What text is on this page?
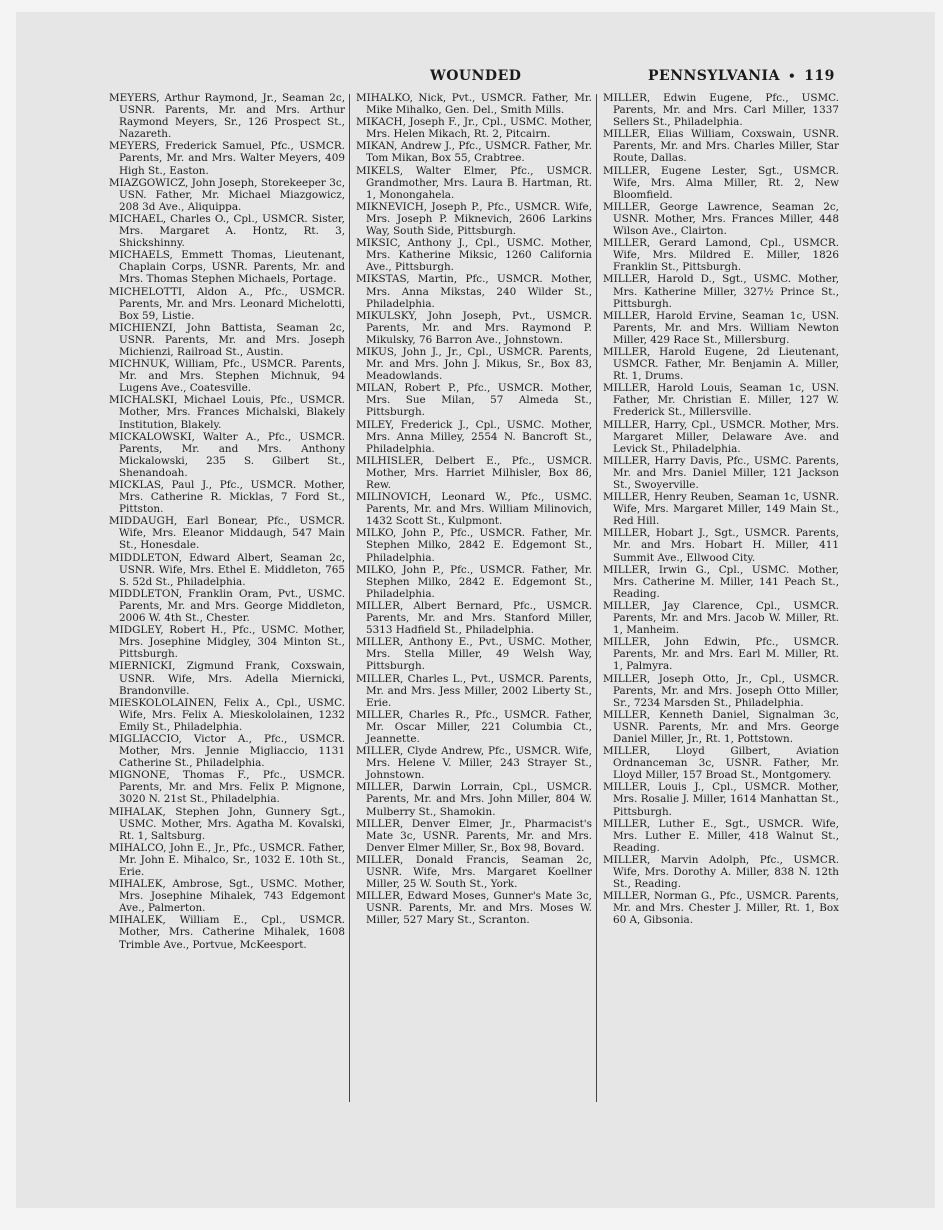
WOUNDED	PENNSYLVANIA • 119

MEYERS, Arthur Raymond, Jr., Seaman 2c, USNR. Parents, Mr. and Mrs. Arthur Raymond Meyers, Sr., 126 Prospect St., Nazareth.

MEYERS, Frederick Samuel, Pfc., USMCR. Parents, Mr. and Mrs. Walter Meyers, 409 High St., Easton.

MIAZGOWICZ, John Joseph, Storekeeper 3c, USN. Father, Mr. Michael Miazgowicz, 208 3d Ave., Aliquippa.

MICHAEL, Charles O., Cpl., USMCR. Sister, Mrs. Margaret A. Hontz, Rt. 3, Shickshinny.

MICHAELS, Emmett Thomas, Lieutenant, Chaplain Corps, USNR. Parents, Mr. and Mrs. Thomas Stephen Michaels, Portage.

MICHELOTTI, Aldon A., Pfc., USMCR. Parents, Mr. and Mrs. Leonard Michelotti, Box 59, Listie.

MICHIENZI, John Battista, Seaman 2c, USNR. Parents, Mr. and Mrs. Joseph Michienzi, Railroad St., Austin.

MICHNUK, William, Pfc., USMCR. Parents, Mr. and Mrs. Stephen Michnuk, 94 Lugens Ave., Coatesville.

MICHALSKI, Michael Louis, Pfc., USMCR. Mother, Mrs. Frances Michalski, Blakely Institution, Blakely.

MICKALOWSKI, Walter A., Pfc., USMCR. Parents, Mr. and Mrs. Anthony Mickalowski, 235 S. Gilbert St., Shenandoah.

MICKLAS, Paul J., Pfc., USMCR. Mother, Mrs. Catherine R. Micklas, 7 Ford St., Pittston.

MIDDAUGH, Earl Bonear, Pfc., USMCR. Wife, Mrs. Eleanor Middaugh, 547 Main St., Honesdale.

MIDDLETON, Edward Albert, Seaman 2c, USNR. Wife, Mrs. Ethel E. Middleton, 765 S. 52d St., Philadelphia.

MIDDLETON, Franklin Oram, Pvt., USMC. Parents, Mr. and Mrs. George Middleton, 2006 W. 4th St., Chester.

MIDGLEY, Robert H., Pfc., USMC. Mother, Mrs. Josephine Midgley, 304 Minton St., Pittsburgh.

MIERNICKI, Zigmund Frank, Coxswain, USNR. Wife, Mrs. Adella Miernicki, Brandonville.

MIESKOLOLAINEN, Felix A., Cpl., USMC. Wife, Mrs. Felix A. Mieskololainen, 1232 Emily St., Philadelphia.

MIGLIACCIO, Victor A., Pfc., USMCR. Mother, Mrs. Jennie Migliaccio, 1131 Catherine St., Philadelphia.

MIGNONE, Thomas F., Pfc., USMCR. Parents, Mr. and Mrs. Felix P. Mignone, 3020 N. 21st St., Philadelphia.

MIHALAK, Stephen John, Gunnery Sgt., USMC. Mother, Mrs. Agatha M. Kovalski, Rt. 1, Saltsburg.

MIHALCO, John E., Jr., Pfc., USMCR. Father, Mr. John E. Mihalco, Sr., 1032 E. 10th St., Erie.

MIHALEK, Ambrose, Sgt., USMC. Mother, Mrs. Josephine Mihalek, 743 Edgemont Ave., Palmerton.

MIHALEK, William E., Cpl., USMCR. Mother, Mrs. Catherine Mihalek, 1608 Trimble Ave., Portvue, McKeesport.

MIHALKO, Nick, Pvt., USMCR. Father, Mr. Mike Mihalko, Gen. Del., Smith Mills.

MIKACH, Joseph F., Jr., Cpl., USMC. Mother, Mrs. Helen Mikach, Rt. 2, Pitcairn.

MIKAN, Andrew J., Pfc., USMCR. Father, Mr. Tom Mikan, Box 55, Crabtree.

MIKELS, Walter Elmer, Pfc., USMCR. Grandmother, Mrs. Laura B. Hartman, Rt. 1, Monongahela.

MIKNEVICH, Joseph P., Pfc., USMCR. Wife, Mrs. Joseph P. Miknevich, 2606 Larkins Way, South Side, Pittsburgh.

MIKSIC, Anthony J., Cpl., USMC. Mother, Mrs. Katherine Miksic, 1260 California Ave., Pittsburgh.

MIKSTAS, Martin, Pfc., USMCR. Mother, Mrs. Anna Mikstas, 240 Wilder St., Philadelphia.

MIKULSKY, John Joseph, Pvt., USMCR. Parents, Mr. and Mrs. Raymond P. Mikulsky, 76 Barron Ave., Johnstown.

MIKUS, John J., Jr., Cpl., USMCR. Parents, Mr. and Mrs. John J. Mikus, Sr., Box 83, Meadowlands.

MILAN, Robert P., Pfc., USMCR. Mother, Mrs. Sue Milan, 57 Almeda St., Pittsburgh.

MILEY, Frederick J., Cpl., USMC. Mother, Mrs. Anna Milley, 2554 N. Bancroft St., Philadelphia.

MILHISLER, Delbert E., Pfc., USMCR. Mother, Mrs. Harriet Milhisler, Box 86, Rew.

MILINOVICH, Leonard W., Pfc., USMC. Parents, Mr. and Mrs. William Milinovich, 1432 Scott St., Kulpmont.

MILKO, John P., Pfc., USMCR. Father, Mr. Stephen Milko, 2842 E. Edgemont St., Philadelphia.

MILKO, John P., Pfc., USMCR. Father, Mr. Stephen Milko, 2842 E. Edgemont St., Philadelphia.

MILLER, Albert Bernard, Pfc., USMCR. Parents, Mr. and Mrs. Stanford Miller, 5313 Hadfield St., Philadelphia.

MILLER, Anthony E., Pvt., USMC. Mother, Mrs. Stella Miller, 49 Welsh Way, Pittsburgh.

MILLER, Charles L., Pvt., USMCR. Parents, Mr. and Mrs. Jess Miller, 2002 Liberty St., Erie.

MILLER, Charles R., Pfc., USMCR. Father, Mr. Oscar Miller, 221 Columbia Ct., Jeannette.

MILLER, Clyde Andrew, Pfc., USMCR. Wife, Mrs. Helene V. Miller, 243 Strayer St., Johnstown.

MILLER, Darwin Lorrain, Cpl., USMCR. Parents, Mr. and Mrs. John Miller, 804 W. Mulberry St., Shamokin.

MILLER, Denver Elmer, Jr., Pharmacist's Mate 3c, USNR. Parents, Mr. and Mrs. Denver Elmer Miller, Sr., Box 98, Bovard.

MILLER, Donald Francis, Seaman 2c, USNR. Wife, Mrs. Margaret Koellner Miller, 25 W. South St., York.

MILLER, Edward Moses, Gunner's Mate 3c, USNR. Parents, Mr. and Mrs. Moses W. Miller, 527 Mary St., Scranton.

MILLER, Edwin Eugene, Pfc., USMC. Parents, Mr. and Mrs. Carl Miller, 1337 Sellers St., Philadelphia.

MILLER, Elias William, Coxswain, USNR. Parents, Mr. and Mrs. Charles Miller, Star Route, Dallas.

MILLER, Eugene Lester, Sgt., USMCR. Wife, Mrs. Alma Miller, Rt. 2, New Bloomfield.

MILLER, George Lawrence, Seaman 2c, USNR. Mother, Mrs. Frances Miller, 448 Wilson Ave., Clairton.

MILLER, Gerard Lamond, Cpl., USMCR. Wife, Mrs. Mildred E. Miller, 1826 Franklin St., Pittsburgh.

MILLER, Harold D., Sgt., USMC. Mother, Mrs. Katherine Miller, 327½ Prince St., Pittsburgh.

MILLER, Harold Ervine, Seaman 1c, USN. Parents, Mr. and Mrs. William Newton Miller, 429 Race St., Millersburg.

MILLER, Harold Eugene, 2d Lieutenant, USMCR. Father, Mr. Benjamin A. Miller, Rt. 1, Drums.

MILLER, Harold Louis, Seaman 1c, USN. Father, Mr. Christian E. Miller, 127 W. Frederick St., Millersville.

MILLER, Harry, Cpl., USMCR. Mother, Mrs. Margaret Miller, Delaware Ave. and Levick St., Philadelphia.

MILLER, Harry Davis, Pfc., USMC. Parents, Mr. and Mrs. Daniel Miller, 121 Jackson St., Swoyerville.

MILLER, Henry Reuben, Seaman 1c, USNR. Wife, Mrs. Margaret Miller, 149 Main St., Red Hill.

MILLER, Hobart J., Sgt., USMCR. Parents, Mr. and Mrs. Hobart H. Miller, 411 Summit Ave., Ellwood City.

MILLER, Irwin G., Cpl., USMC. Mother, Mrs. Catherine M. Miller, 141 Peach St., Reading.

MILLER, Jay Clarence, Cpl., USMCR. Parents, Mr. and Mrs. Jacob W. Miller, Rt. 1, Manheim.

MILLER, John Edwin, Pfc., USMCR. Parents, Mr. and Mrs. Earl M. Miller, Rt. 1, Palmyra.

MILLER, Joseph Otto, Jr., Cpl., USMCR. Parents, Mr. and Mrs. Joseph Otto Miller, Sr., 7234 Marsden St., Philadelphia.

MILLER, Kenneth Daniel, Signalman 3c, USNR. Parents, Mr. and Mrs. George Daniel Miller, Jr., Rt. 1, Pottstown.

MILLER, Lloyd Gilbert, Aviation Ordnanceman 3c, USNR. Father, Mr. Lloyd Miller, 157 Broad St., Montgomery.

MILLER, Louis J., Cpl., USMCR. Mother, Mrs. Rosalie J. Miller, 1614 Manhattan St., Pittsburgh.

MILLER, Luther E., Sgt., USMCR. Wife, Mrs. Luther E. Miller, 418 Walnut St., Reading.

MILLER, Marvin Adolph, Pfc., USMCR. Wife, Mrs. Dorothy A. Miller, 838 N. 12th St., Reading.

MILLER, Norman G., Pfc., USMCR. Parents, Mr. and Mrs. Chester J. Miller, Rt. 1, Box 60 A, Gibsonia.
